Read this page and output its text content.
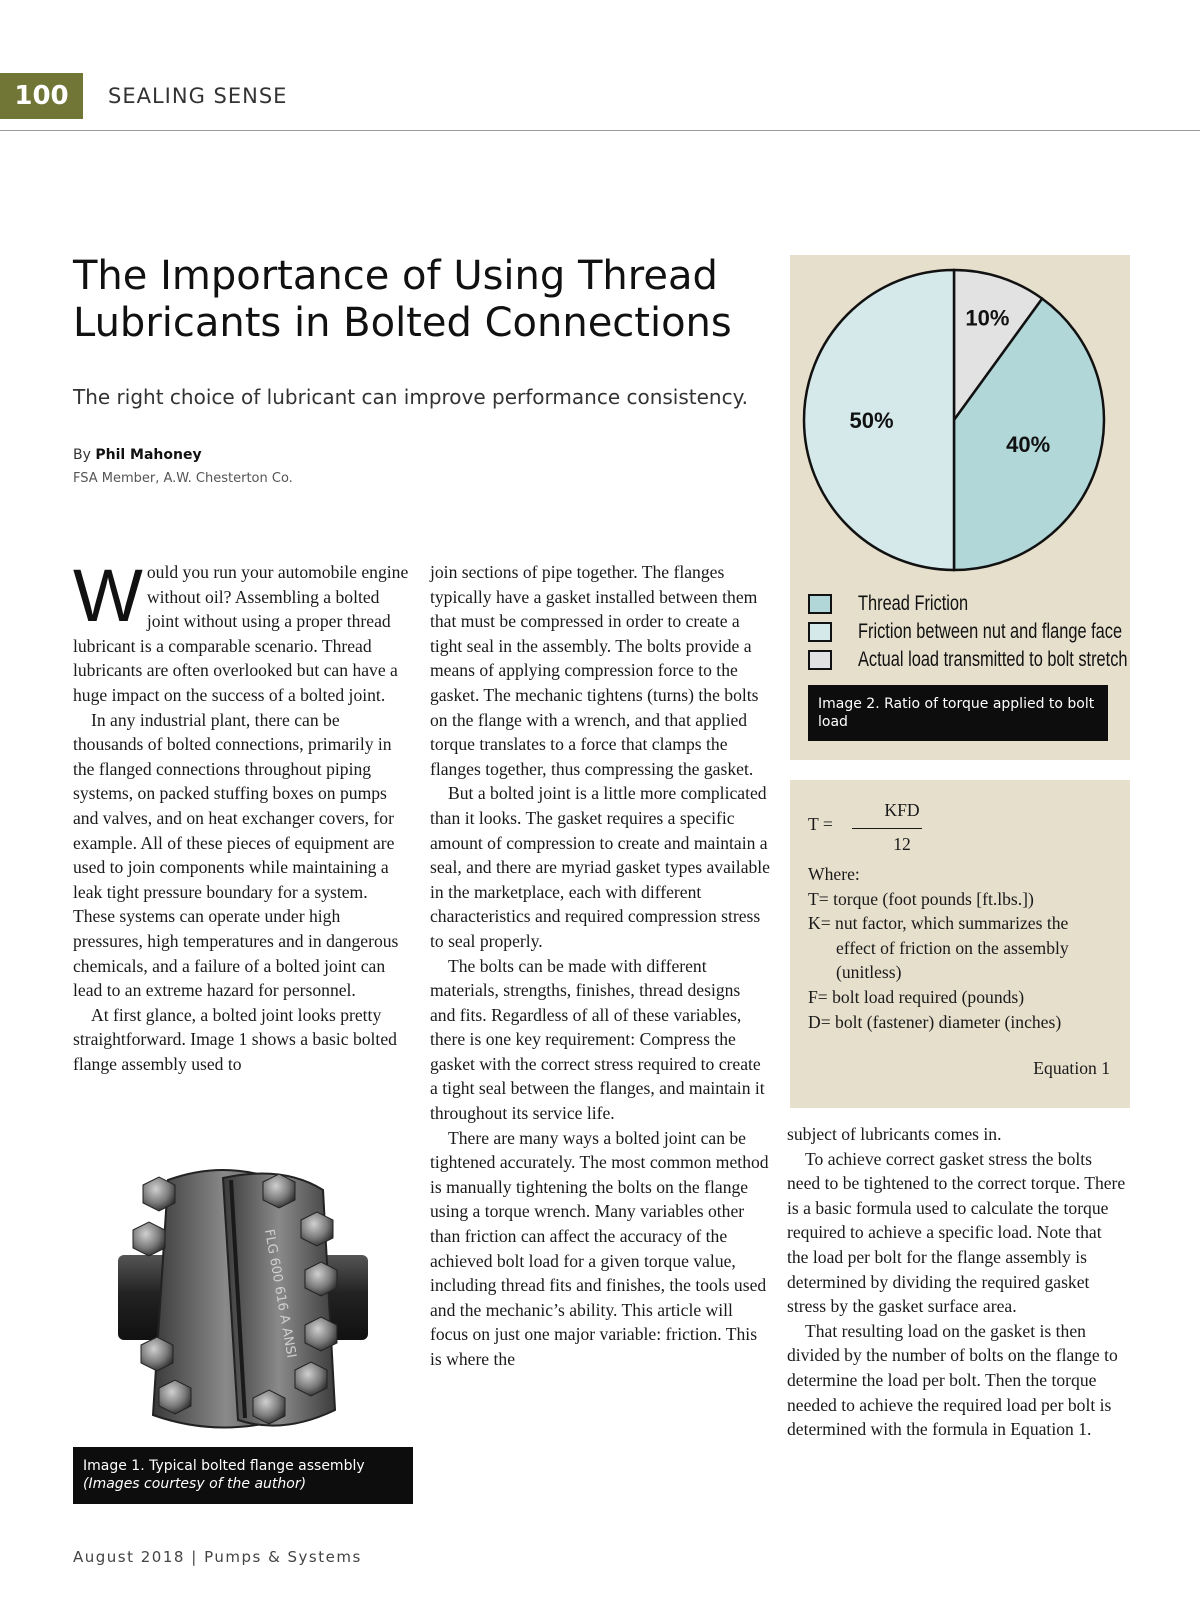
100	SEALING SENSE
The Importance of Using Thread Lubricants in Bolted Connections
The right choice of lubricant can improve performance consistency.
By Phil Mahoney
FSA Member, A.W. Chesterton Co.

Would you run your automobile engine without oil? Assembling a bolted joint without using a proper thread lubricant is a comparable scenario. Thread lubricants are often overlooked but can have a huge impact on the success of a bolted joint.

In any industrial plant, there can be thousands of bolted connections, primarily in the flanged connections throughout piping systems, on packed stuffing boxes on pumps and valves, and on heat exchanger covers, for example. All of these pieces of equipment are used to join components while maintaining a leak tight pressure boundary for a system. These systems can operate under high pressures, high temperatures and in dangerous chemicals, and a failure of a bolted joint can lead to an extreme hazard for personnel.

At first glance, a bolted joint looks pretty straightforward. Image 1 shows a basic bolted flange assembly used to

FLG 600 616 A ANSI
Image 1. Typical bolted flange assembly
(Images courtesy of the author)

join sections of pipe together. The flanges typically have a gasket installed between them that must be compressed in order to create a tight seal in the assembly. The bolts provide a means of applying compression force to the gasket. The mechanic tightens (turns) the bolts on the flange with a wrench, and that applied torque translates to a force that clamps the flanges together, thus compressing the gasket.

But a bolted joint is a little more complicated than it looks. The gasket requires a specific amount of compression to create and maintain a seal, and there are myriad gasket types available in the marketplace, each with different characteristics and required compression stress to seal properly.

The bolts can be made with different materials, strengths, finishes, thread designs and fits. Regardless of all of these variables, there is one key requirement: Compress the gasket with the correct stress required to create a tight seal between the flanges, and maintain it throughout its service life.

There are many ways a bolted joint can be tightened accurately. The most common method is manually tightening the bolts on the flange using a torque wrench. Many variables other than friction can affect the accuracy of the achieved bolt load for a given torque value, including thread fits and finishes, the tools used and the mechanic’s ability. This article will focus on just one major variable: friction. This is where the

10%
40%
50%
Thread Friction
Friction between nut and flange face
Actual load transmitted to bolt stretch
Image 2. Ratio of torque applied to bolt load
T =
KFD
12
Where:
T= torque (foot pounds [ft.lbs.])
K= nut factor, which summarizes the
effect of friction on the assembly (unitless)
F= bolt load required (pounds)
D= bolt (fastener) diameter (inches)
Equation 1

subject of lubricants comes in.

To achieve correct gasket stress the bolts need to be tightened to the correct torque. There is a basic formula used to calculate the torque required to achieve a specific load. Note that the load per bolt for the flange assembly is determined by dividing the required gasket stress by the gasket surface area.

That resulting load on the gasket is then divided by the number of bolts on the flange to determine the load per bolt. Then the torque needed to achieve the required load per bolt is determined with the formula in Equation 1.

August 2018 | Pumps & Systems
